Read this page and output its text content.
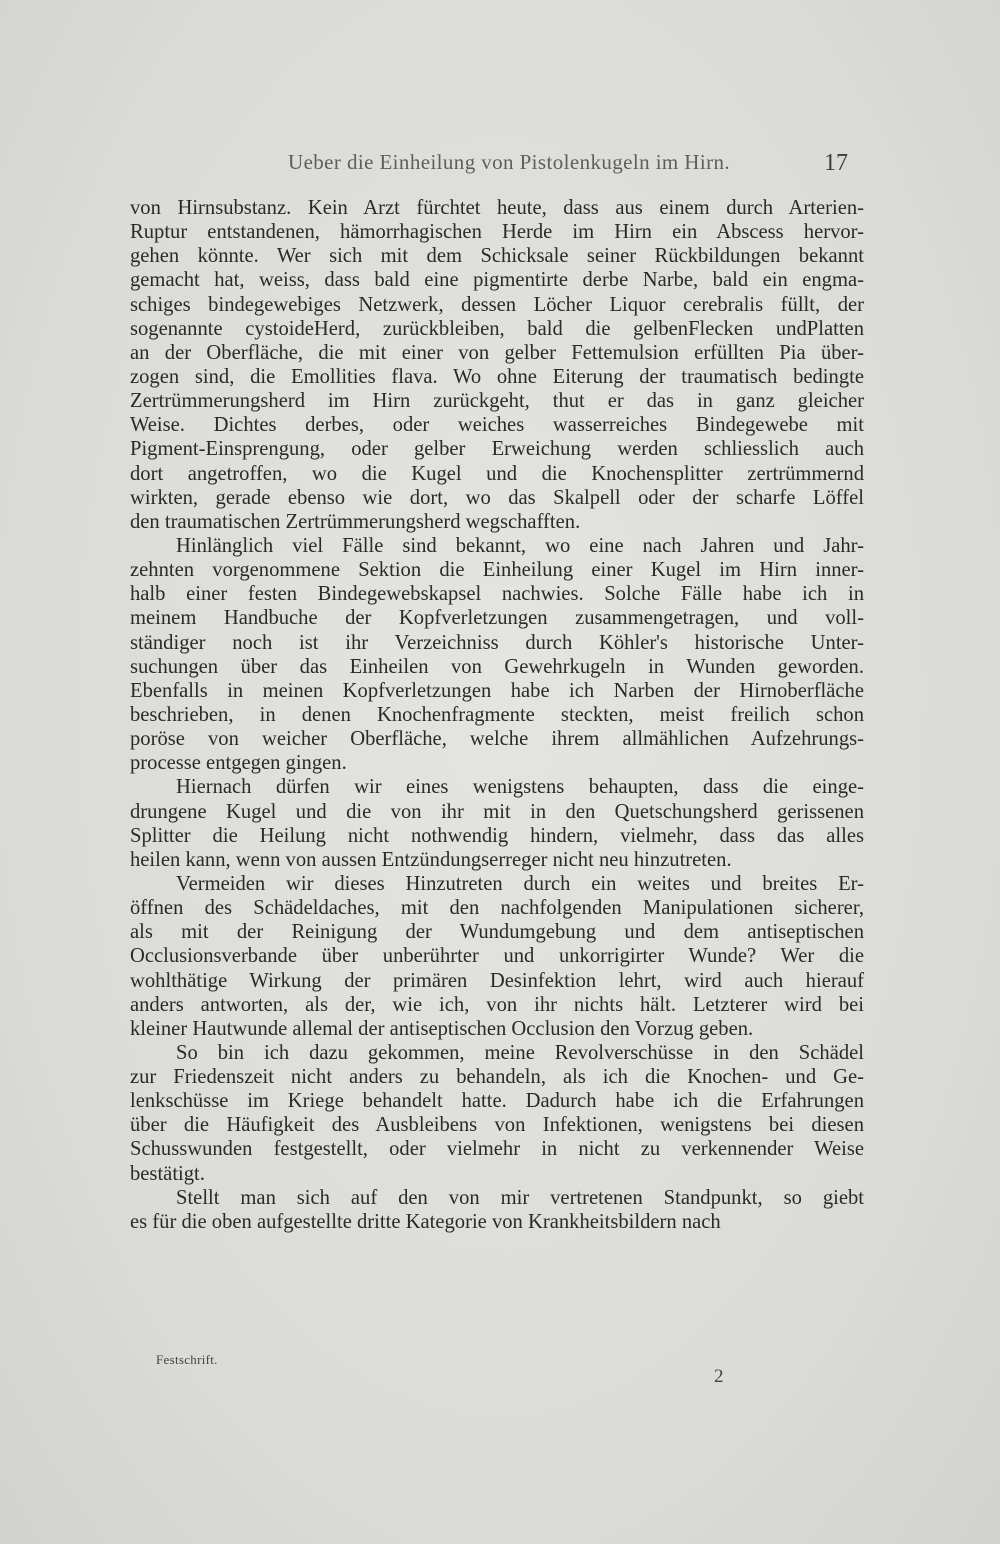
Ueber die Einheilung von Pistolenkugeln im Hirn.	17
von Hirnsubstanz. Kein Arzt fürchtet heute, dass aus einem durch Arterien-
Ruptur entstandenen, hämorrhagischen Herde im Hirn ein Abscess hervor-
gehen könnte. Wer sich mit dem Schicksale seiner Rückbildungen bekannt
gemacht hat, weiss, dass bald eine pigmentirte derbe Narbe, bald ein engma-
schiges bindegewebiges Netzwerk, dessen Löcher Liquor cerebralis füllt, der
sogenannte cystoideHerd, zurückbleiben, bald die gelbenFlecken undPlatten
an der Oberfläche, die mit einer von gelber Fettemulsion erfüllten Pia über-
zogen sind, die Emollities flava. Wo ohne Eiterung der traumatisch bedingte
Zertrümmerungsherd im Hirn zurückgeht, thut er das in ganz gleicher
Weise. Dichtes derbes, oder weiches wasserreiches Bindegewebe mit
Pigment-Einsprengung, oder gelber Erweichung werden schliesslich auch
dort angetroffen, wo die Kugel und die Knochensplitter zertrümmernd
wirkten, gerade ebenso wie dort, wo das Skalpell oder der scharfe Löffel
den traumatischen Zertrümmerungsherd wegschafften.
Hinlänglich viel Fälle sind bekannt, wo eine nach Jahren und Jahr-
zehnten vorgenommene Sektion die Einheilung einer Kugel im Hirn inner-
halb einer festen Bindegewebskapsel nachwies. Solche Fälle habe ich in
meinem Handbuche der Kopfverletzungen zusammengetragen, und voll-
ständiger noch ist ihr Verzeichniss durch Köhler's historische Unter-
suchungen über das Einheilen von Gewehrkugeln in Wunden geworden.
Ebenfalls in meinen Kopfverletzungen habe ich Narben der Hirnoberfläche
beschrieben, in denen Knochenfragmente steckten, meist freilich schon
poröse von weicher Oberfläche, welche ihrem allmählichen Aufzehrungs-
processe entgegen gingen.
Hiernach dürfen wir eines wenigstens behaupten, dass die einge-
drungene Kugel und die von ihr mit in den Quetschungsherd gerissenen
Splitter die Heilung nicht nothwendig hindern, vielmehr, dass das alles
heilen kann, wenn von aussen Entzündungserreger nicht neu hinzutreten.
Vermeiden wir dieses Hinzutreten durch ein weites und breites Er-
öffnen des Schädeldaches, mit den nachfolgenden Manipulationen sicherer,
als mit der Reinigung der Wundumgebung und dem antiseptischen
Occlusionsverbande über unberührter und unkorrigirter Wunde? Wer die
wohlthätige Wirkung der primären Desinfektion lehrt, wird auch hierauf
anders antworten, als der, wie ich, von ihr nichts hält. Letzterer wird bei
kleiner Hautwunde allemal der antiseptischen Occlusion den Vorzug geben.
So bin ich dazu gekommen, meine Revolverschüsse in den Schädel
zur Friedenszeit nicht anders zu behandeln, als ich die Knochen- und Ge-
lenkschüsse im Kriege behandelt hatte. Dadurch habe ich die Erfahrungen
über die Häufigkeit des Ausbleibens von Infektionen, wenigstens bei diesen
Schusswunden festgestellt, oder vielmehr in nicht zu verkennender Weise
bestätigt.
Stellt man sich auf den von mir vertretenen Standpunkt, so giebt
es für die oben aufgestellte dritte Kategorie von Krankheitsbildern nach
Festschrift.
2
